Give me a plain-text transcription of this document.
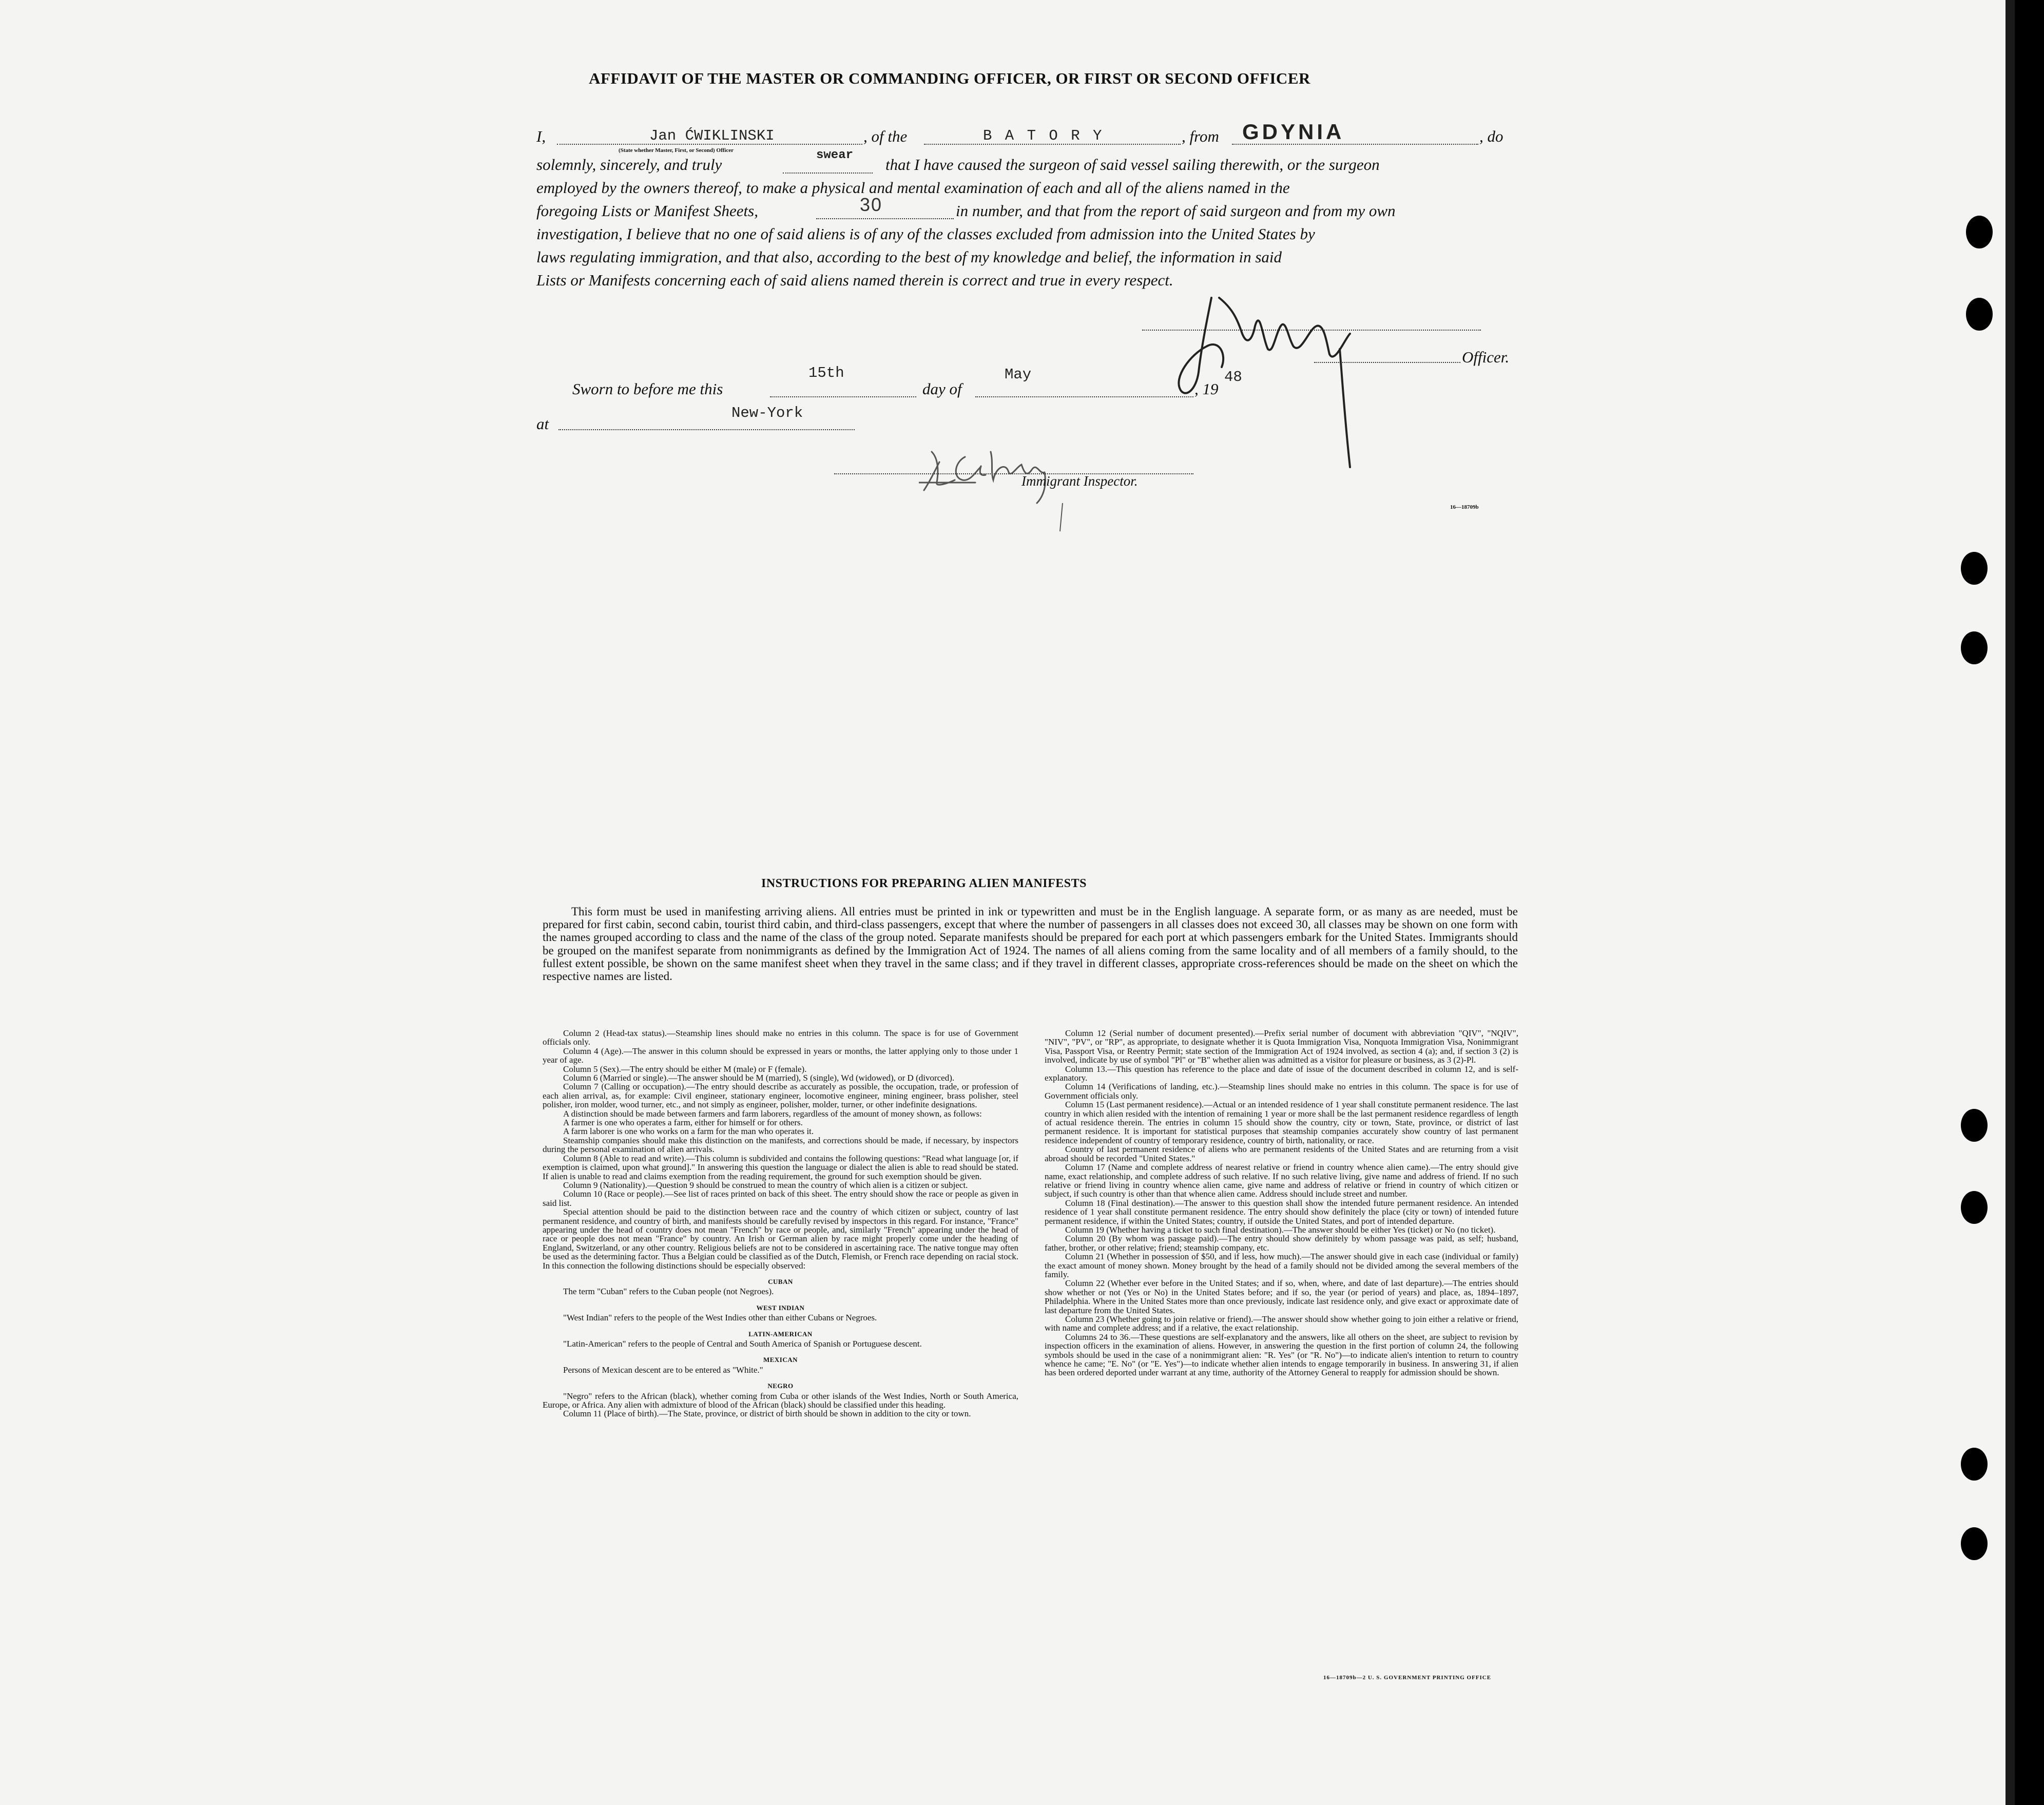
AFFIDAVIT OF THE MASTER OR COMMANDING OFFICER, OR FIRST OR SECOND OFFICER
I,	Jan ĆWIKLINSKI
(State whether Master, First, or Second) Officer
, of the	B A T O R Y	, from GDYNIA	, do
solemnly, sincerely, and truly
swear
that I have caused the surgeon of said vessel sailing therewith, or the surgeon
employed by the owners thereof, to make a physical and mental examination of each and all of the aliens named in the
foregoing Lists or Manifest Sheets,	30	in number, and that from the report of said surgeon and from my own
investigation, I believe that no one of said aliens is of any of the classes excluded from admission into the United States by
laws regulating immigration, and that also, according to the best of my knowledge and belief, the information in said
Lists or Manifests concerning each of said aliens named therein is correct and true in every respect.
Officer.
Sworn to before me this
15th
day of
May
, 19
48
at
New-York
Immigrant Inspector.
16—18709b
INSTRUCTIONS FOR PREPARING ALIEN MANIFESTS
This form must be used in manifesting arriving aliens. All entries must be printed in ink or typewritten and must be in the English language. A separate form, or as many as are needed, must be prepared for first cabin, second cabin, tourist third cabin, and third-class passengers, except that where the number of passengers in all classes does not exceed 30, all classes may be shown on one form with the names grouped according to class and the name of the class of the group noted. Separate manifests should be prepared for each port at which passengers embark for the United States. Immigrants should be grouped on the manifest separate from nonimmigrants as defined by the Immigration Act of 1924. The names of all aliens coming from the same locality and of all members of a family should, to the fullest extent possible, be shown on the same manifest sheet when they travel in the same class; and if they travel in different classes, appropriate cross-references should be made on the sheet on which the respective names are listed.

Column 2 (Head-tax status).—Steamship lines should make no entries in this column. The space is for use of Government officials only.

Column 4 (Age).—The answer in this column should be expressed in years or months, the latter applying only to those under 1 year of age.

Column 5 (Sex).—The entry should be either M (male) or F (female).

Column 6 (Married or single).—The answer should be M (married), S (single), Wd (widowed), or D (divorced).

Column 7 (Calling or occupation).—The entry should describe as accurately as possible, the occupation, trade, or profession of each alien arrival, as, for example: Civil engineer, stationary engineer, locomotive engineer, mining engineer, brass polisher, steel polisher, iron molder, wood turner, etc., and not simply as engineer, polisher, molder, turner, or other indefinite designations.

A distinction should be made between farmers and farm laborers, regardless of the amount of money shown, as follows:

A farmer is one who operates a farm, either for himself or for others.

A farm laborer is one who works on a farm for the man who operates it.

Steamship companies should make this distinction on the manifests, and corrections should be made, if necessary, by inspectors during the personal examination of alien arrivals.

Column 8 (Able to read and write).—This column is subdivided and contains the following questions: "Read what language [or, if exemption is claimed, upon what ground]." In answering this question the language or dialect the alien is able to read should be stated. If alien is unable to read and claims exemption from the reading requirement, the ground for such exemption should be given.

Column 9 (Nationality).—Question 9 should be construed to mean the country of which alien is a citizen or subject.

Column 10 (Race or people).—See list of races printed on back of this sheet. The entry should show the race or people as given in said list.

Special attention should be paid to the distinction between race and the country of which citizen or subject, country of last permanent residence, and country of birth, and manifests should be carefully revised by inspectors in this regard. For instance, "France" appearing under the head of country does not mean "French" by race or people, and, similarly "French" appearing under the head of race or people does not mean "France" by country. An Irish or German alien by race might properly come under the heading of England, Switzerland, or any other country. Religious beliefs are not to be considered in ascertaining race. The native tongue may often be used as the determining factor. Thus a Belgian could be classified as of the Dutch, Flemish, or French race depending on racial stock. In this connection the following distinctions should be especially observed:

CUBAN

The term "Cuban" refers to the Cuban people (not Negroes).

WEST INDIAN

"West Indian" refers to the people of the West Indies other than either Cubans or Negroes.

LATIN-AMERICAN

"Latin-American" refers to the people of Central and South America of Spanish or Portuguese descent.

MEXICAN

Persons of Mexican descent are to be entered as "White."

NEGRO

"Negro" refers to the African (black), whether coming from Cuba or other islands of the West Indies, North or South America, Europe, or Africa. Any alien with admixture of blood of the African (black) should be classified under this heading.

Column 11 (Place of birth).—The State, province, or district of birth should be shown in addition to the city or town.

Column 12 (Serial number of document presented).—Prefix serial number of document with abbreviation "QIV", "NQIV", "NIV", "PV", or "RP", as appropriate, to designate whether it is Quota Immigration Visa, Nonquota Immigration Visa, Nonimmigrant Visa, Passport Visa, or Reentry Permit; state section of the Immigration Act of 1924 involved, as section 4 (a); and, if section 3 (2) is involved, indicate by use of symbol "Pl" or "B" whether alien was admitted as a visitor for pleasure or business, as 3 (2)-Pl.

Column 13.—This question has reference to the place and date of issue of the document described in column 12, and is self-explanatory.

Column 14 (Verifications of landing, etc.).—Steamship lines should make no entries in this column. The space is for use of Government officials only.

Column 15 (Last permanent residence).—Actual or an intended residence of 1 year shall constitute permanent residence. The last country in which alien resided with the intention of remaining 1 year or more shall be the last permanent residence regardless of length of actual residence therein. The entries in column 15 should show the country, city or town, State, province, or district of last permanent residence. It is important for statistical purposes that steamship companies accurately show country of last permanent residence independent of country of temporary residence, country of birth, nationality, or race.

Country of last permanent residence of aliens who are permanent residents of the United States and are returning from a visit abroad should be recorded "United States."

Column 17 (Name and complete address of nearest relative or friend in country whence alien came).—The entry should give name, exact relationship, and complete address of such relative. If no such relative living, give name and address of friend. If no such relative or friend living in country whence alien came, give name and address of relative or friend in country of which citizen or subject, if such country is other than that whence alien came. Address should include street and number.

Column 18 (Final destination).—The answer to this question shall show the intended future permanent residence. An intended residence of 1 year shall constitute permanent residence. The entry should show definitely the place (city or town) of intended future permanent residence, if within the United States; country, if outside the United States, and port of intended departure.

Column 19 (Whether having a ticket to such final destination).—The answer should be either Yes (ticket) or No (no ticket).

Column 20 (By whom was passage paid).—The entry should show definitely by whom passage was paid, as self; husband, father, brother, or other relative; friend; steamship company, etc.

Column 21 (Whether in possession of $50, and if less, how much).—The answer should give in each case (individual or family) the exact amount of money shown. Money brought by the head of a family should not be divided among the several members of the family.

Column 22 (Whether ever before in the United States; and if so, when, where, and date of last departure).—The entries should show whether or not (Yes or No) in the United States before; and if so, the year (or period of years) and place, as, 1894–1897, Philadelphia. Where in the United States more than once previously, indicate last residence only, and give exact or approximate date of last departure from the United States.

Column 23 (Whether going to join relative or friend).—The answer should show whether going to join either a relative or friend, with name and complete address; and if a relative, the exact relationship.

Columns 24 to 36.—These questions are self-explanatory and the answers, like all others on the sheet, are subject to revision by inspection officers in the examination of aliens. However, in answering the question in the first portion of column 24, the following symbols should be used in the case of a nonimmigrant alien: "R. Yes" (or "R. No")—to indicate alien's intention to return to country whence he came; "E. No" (or "E. Yes")—to indicate whether alien intends to engage temporarily in business. In answering 31, if alien has been ordered deported under warrant at any time, authority of the Attorney General to reapply for admission should be shown.

16—18709b—2 U. S. GOVERNMENT PRINTING OFFICE
